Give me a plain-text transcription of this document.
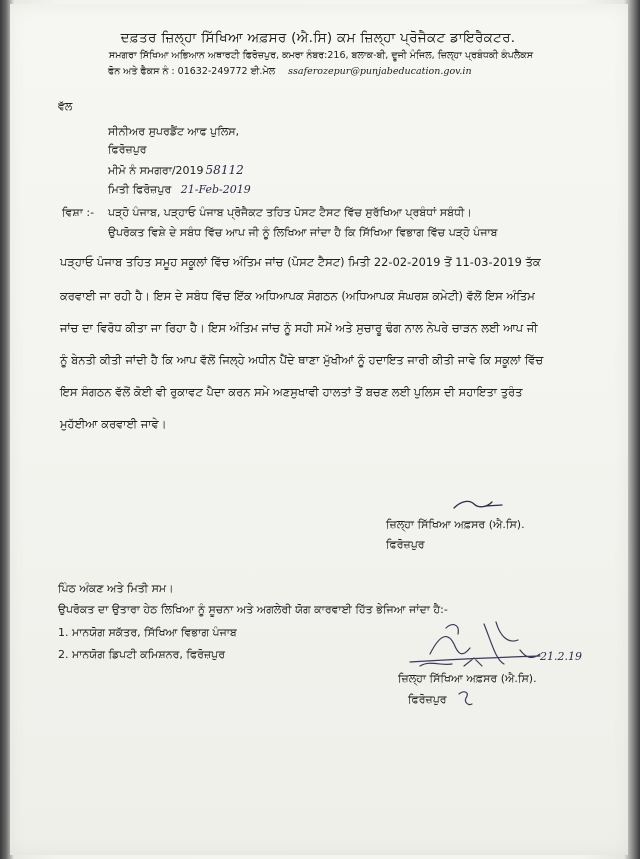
ਦਫ਼ਤਰ ਜ਼ਿਲ੍ਹਾ ਸਿੱਖਿਆ ਅਫ਼ਸਰ (ਐ.ਸਿ) ਕਮ ਜ਼ਿਲ੍ਹਾ ਪ੍ਰੋਜੈਕਟ ਡਾਇਰੈਕਟਰ.
ਸਮਗਰਾ ਸਿੱਖਿਆ ਅਭਿਆਨ ਅਥਾਰਟੀ ਫਿਰੋਜ਼ਪੁਰ, ਕਮਰਾ ਨੰਬਰ:216, ਬਲਾਕ-ਬੀ, ਦੂਜੀ ਮੰਜਿਲ, ਜ਼ਿਲ੍ਹਾ ਪ੍ਰਬੰਧਕੀ ਕੰਪਲੈਕਸ
ਫੋਨ ਅਤੇ ਫੈਕਸ ਨੰ : 01632-249772 ਈ.ਮੇਲ ssaferozepur@punjabeducation.gov.in
ਵੱਲ
ਸੀਨੀਅਰ ਸੁਪਰਡੈਂਟ ਆਫ ਪੁਲਿਸ,
ਫਿਰੋਜ਼ਪੁਰ
ਮੀਮੋ ਨੰ ਸਮਗਰਾ/2019 58112
ਮਿਤੀ ਫਿਰੋਜ਼ਪੁਰ 21-Feb-2019
ਵਿਸ਼ਾ :- ਪੜ੍ਹੋ ਪੰਜਾਬ, ਪੜ੍ਹਾਓ ਪੰਜਾਬ ਪ੍ਰੋਜੈਕਟ ਤਹਿਤ ਪੋਸਟ ਟੈਸਟ ਵਿੱਚ ਸੁਰੱਖਿਆ ਪ੍ਰਬੰਧਾਂ ਸਬੰਧੀ।
ਉਪਰੋਕਤ ਵਿਸ਼ੇ ਦੇ ਸਬੰਧ ਵਿੱਚ ਆਪ ਜੀ ਨੂੰ ਲਿਖਿਆ ਜਾਂਦਾ ਹੈ ਕਿ ਸਿੱਖਿਆ ਵਿਭਾਗ ਵਿੱਚ ਪੜ੍ਹੋ ਪੰਜਾਬ
ਪੜ੍ਹਾਓ ਪੰਜਾਬ ਤਹਿਤ ਸਮੂਹ ਸਕੂਲਾਂ ਵਿੱਚ ਅੰਤਿਮ ਜਾਂਚ (ਪੋਸਟ ਟੈਸਟ) ਮਿਤੀ 22-02-2019 ਤੋਂ 11-03-2019 ਤੱਕ
ਕਰਵਾਈ ਜਾ ਰਹੀ ਹੈ। ਇਸ ਦੇ ਸਬੰਧ ਵਿੱਚ ਇੱਕ ਅਧਿਆਪਕ ਸੰਗਠਨ (ਅਧਿਆਪਕ ਸੰਘਰਸ਼ ਕਮੇਟੀ) ਵੱਲੋਂ ਇਸ ਅੰਤਿਮ
ਜਾਂਚ ਦਾ ਵਿਰੋਧ ਕੀਤਾ ਜਾ ਰਿਹਾ ਹੈ। ਇਸ ਅੰਤਿਮ ਜਾਂਚ ਨੂੰ ਸਹੀ ਸਮੇਂ ਅਤੇ ਸੁਚਾਰੂ ਢੰਗ ਨਾਲ ਨੇਪਰੇ ਚਾੜਨ ਲਈ ਆਪ ਜੀ
ਨੂੰ ਬੇਨਤੀ ਕੀਤੀ ਜਾਂਦੀ ਹੈ ਕਿ ਆਪ ਵੱਲੋਂ ਜਿਲ੍ਹੇ ਅਧੀਨ ਪੈਂਦੇ ਥਾਣਾ ਮੁੱਖੀਆਂ ਨੂੰ ਹਦਾਇਤ ਜਾਰੀ ਕੀਤੀ ਜਾਵੇ ਕਿ ਸਕੂਲਾਂ ਵਿੱਚ
ਇਸ ਸੰਗਠਨ ਵੱਲੋਂ ਕੋਈ ਵੀ ਰੁਕਾਵਟ ਪੈਦਾ ਕਰਨ ਸਮੇ ਅਣਸੁਖਾਵੀ ਹਾਲਤਾਂ ਤੋਂ ਬਚਣ ਲਈ ਪੁਲਿਸ ਦੀ ਸਹਾਇਤਾ ਤੁਰੰਤ
ਮੁਹੱਈਆ ਕਰਵਾਈ ਜਾਵੇ।
ਜ਼ਿਲ੍ਹਾ ਸਿੱਖਿਆ ਅਫ਼ਸਰ (ਐ.ਸਿ).
ਫਿਰੋਜ਼ਪੁਰ
ਪਿੰਠ ਅੰਕਣ ਅਤੇ ਮਿਤੀ ਸਮ।
ਉਪਰੋਕਤ ਦਾ ਉਤਾਰਾ ਹੇਠ ਲਿਖਿਆ ਨੂੰ ਸੂਚਨਾ ਅਤੇ ਅਗਲੇਰੀ ਯੋਗ ਕਾਰਵਾਈ ਹਿੱਤ ਭੇਜਿਆ ਜਾਂਦਾ ਹੈ:-
1. ਮਾਨਯੋਗ ਸਕੱਤਰ, ਸਿੱਖਿਆ ਵਿਭਾਗ ਪੰਜਾਬ
2. ਮਾਨਯੋਗ ਡਿਪਟੀ ਕਮਿਸ਼ਨਰ, ਫਿਰੋਜ਼ਪੁਰ	21.2.19
ਜ਼ਿਲ੍ਹਾ ਸਿੱਖਿਆ ਅਫ਼ਸਰ (ਐ.ਸਿ).
ਫਿਰੋਜ਼ਪੁਰ
